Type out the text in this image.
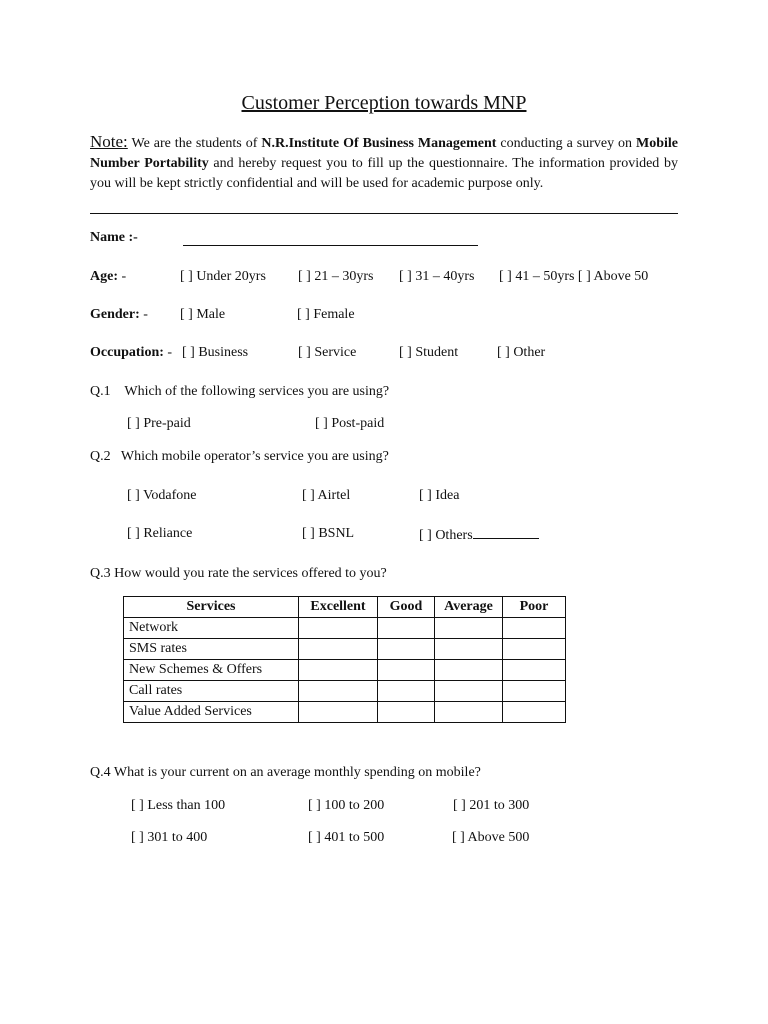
Customer Perception towards MNP
Note: We are the students of N.R.Institute Of Business Management conducting a survey on Mobile Number Portability and hereby request you to fill up the questionnaire. The information provided by you will be kept strictly confidential and will be used for academic purpose only.
Name :-
Age: -	[ ] Under 20yrs [ ] 21 – 30yrs [ ] 31 – 40yrs [ ] 41 – 50yrs [ ] Above 50
Gender: - [ ] Male	[ ] Female
Occupation: - [ ] Business	[ ] Service	[ ] Student	[ ] Other
Q.1    Which of the following services you are using?
[ ] Pre-paid	[ ] Post-paid
Q.2   Which mobile operator’s service you are using?
[ ] Vodafone	[ ] Airtel	[ ] Idea
[ ] Reliance	[ ] BSNL	[ ] Others
Q.3 How would you rate the services offered to you?
Services	Excellent	Good	Average	Poor
Network				
SMS rates				
New Schemes & Offers				
Call rates				
Value Added Services				
Q.4 What is your current on an average monthly spending on mobile?
[ ] Less than 100	[ ] 100 to 200	[ ] 201 to 300
[ ] 301 to 400	[ ] 401 to 500	[ ] Above 500
